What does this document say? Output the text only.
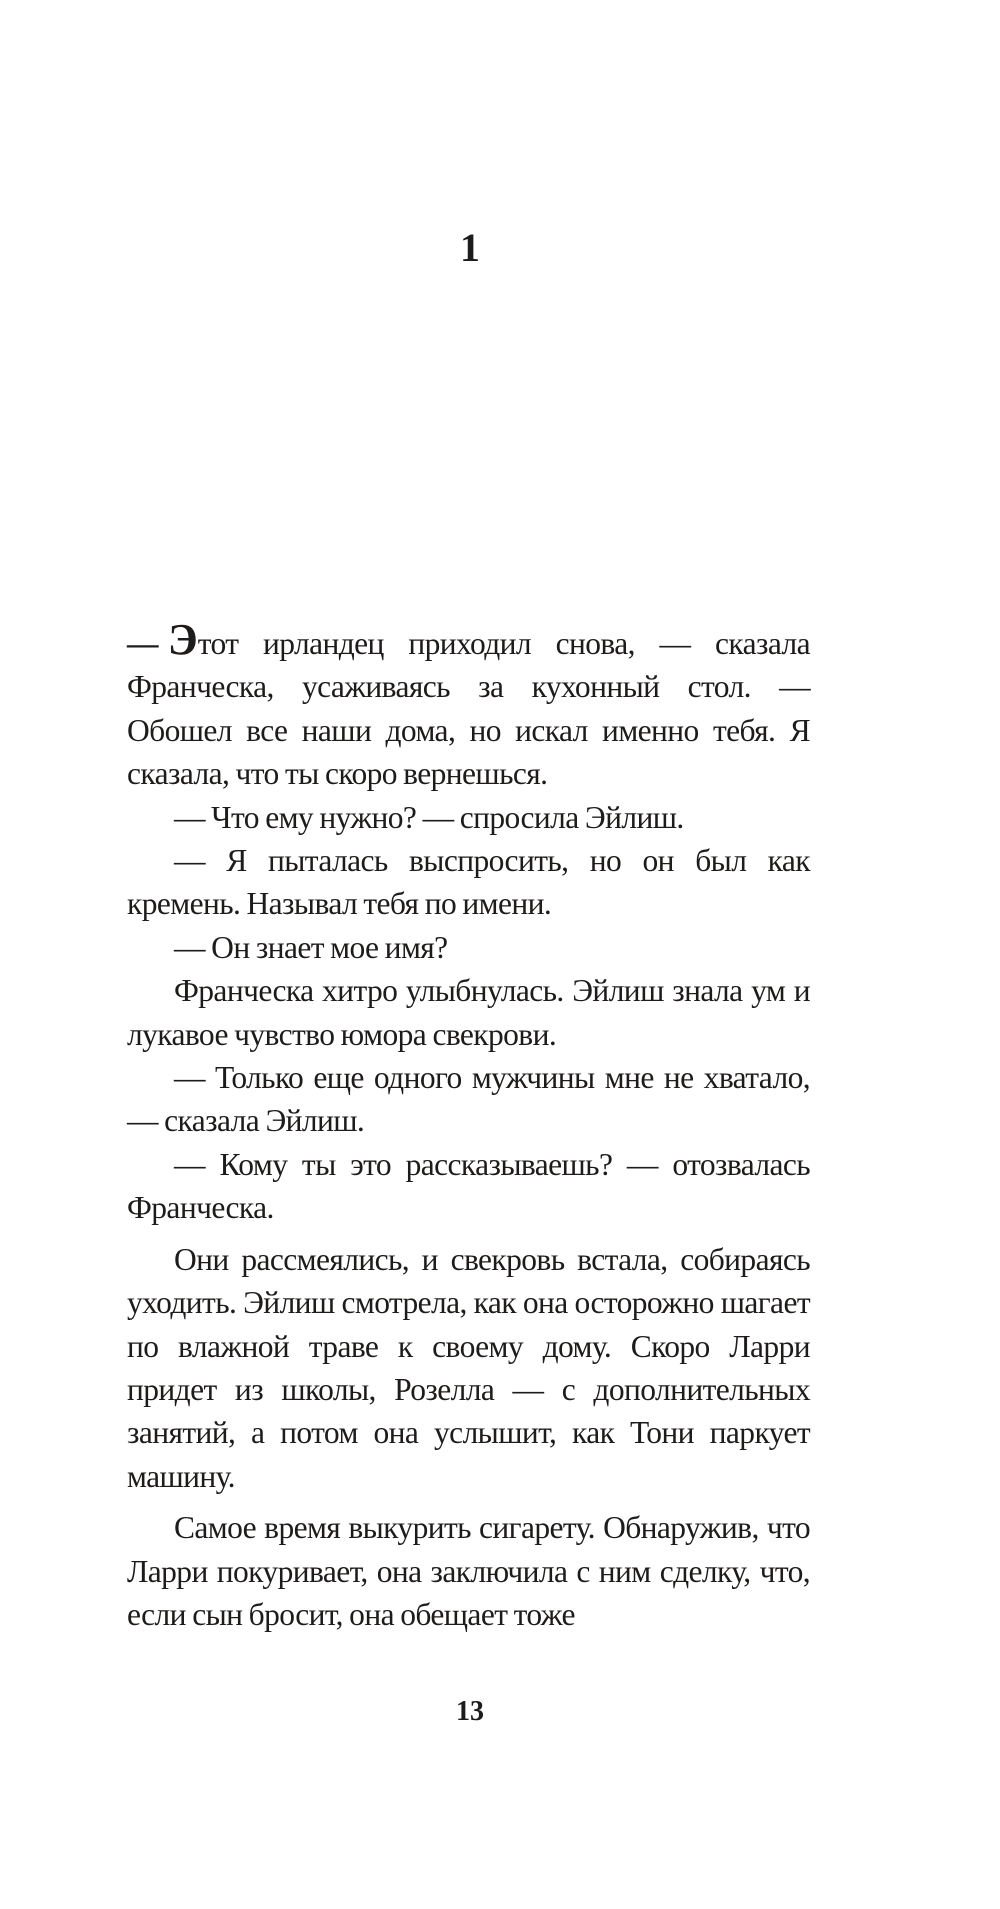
1

— Этот ирландец приходил снова, — сказала Франческа, усаживаясь за кухонный стол. — Обошел все наши дома, но искал именно тебя. Я сказала, что ты скоро вернешься.

— Что ему нужно? — спросила Эйлиш.

— Я пыталась выспросить, но он был как кремень. Называл тебя по имени.

— Он знает мое имя?

Франческа хитро улыбнулась. Эйлиш знала ум и лукавое чувство юмора свекрови.

— Только еще одного мужчины мне не хватало, — сказала Эйлиш.

— Кому ты это рассказываешь? — отозвалась Франческа.

Они рассмеялись, и свекровь встала, собираясь уходить. Эйлиш смотрела, как она осторожно шагает по влажной траве к своему дому. Скоро Ларри придет из школы, Розелла — с дополнительных занятий, а потом она услышит, как Тони паркует машину.

Самое время выкурить сигарету. Обнаружив, что Ларри покуривает, она заключила с ним сделку, что, если сын бросит, она обещает тоже

13
